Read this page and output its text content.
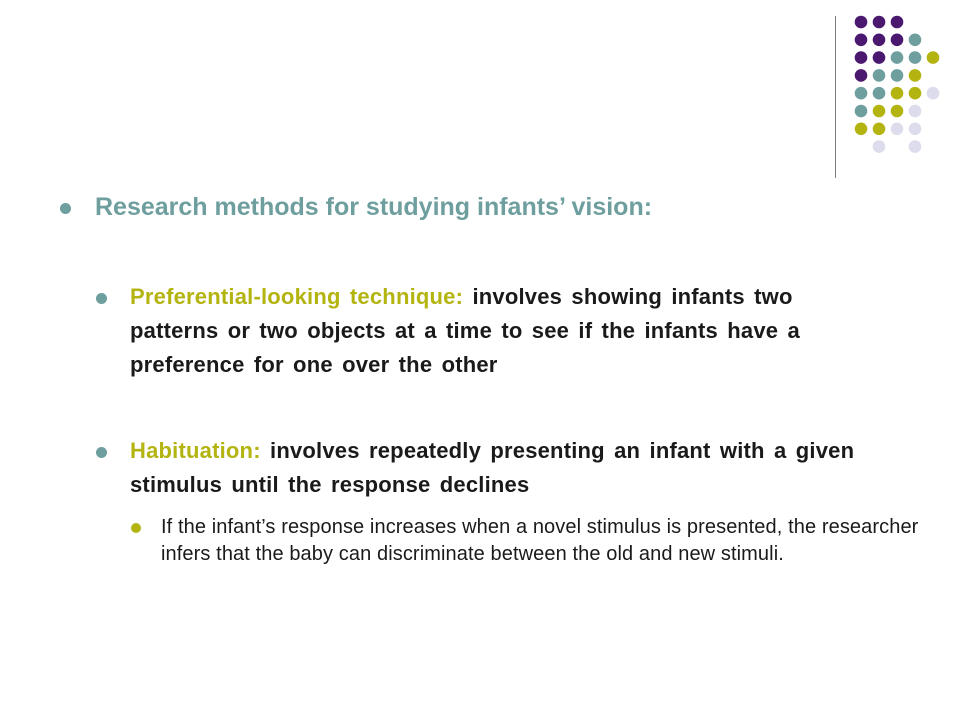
Research methods for studying infants’ vision:

Preferential-looking technique: involves showing infants two patterns or two objects at a time to see if the infants have a preference for one over the other

Habituation: involves repeatedly presenting an infant with a given stimulus until the response declines

If the infant’s response increases when a novel stimulus is presented, the researcher infers that the baby can discriminate between the old and new stimuli.
